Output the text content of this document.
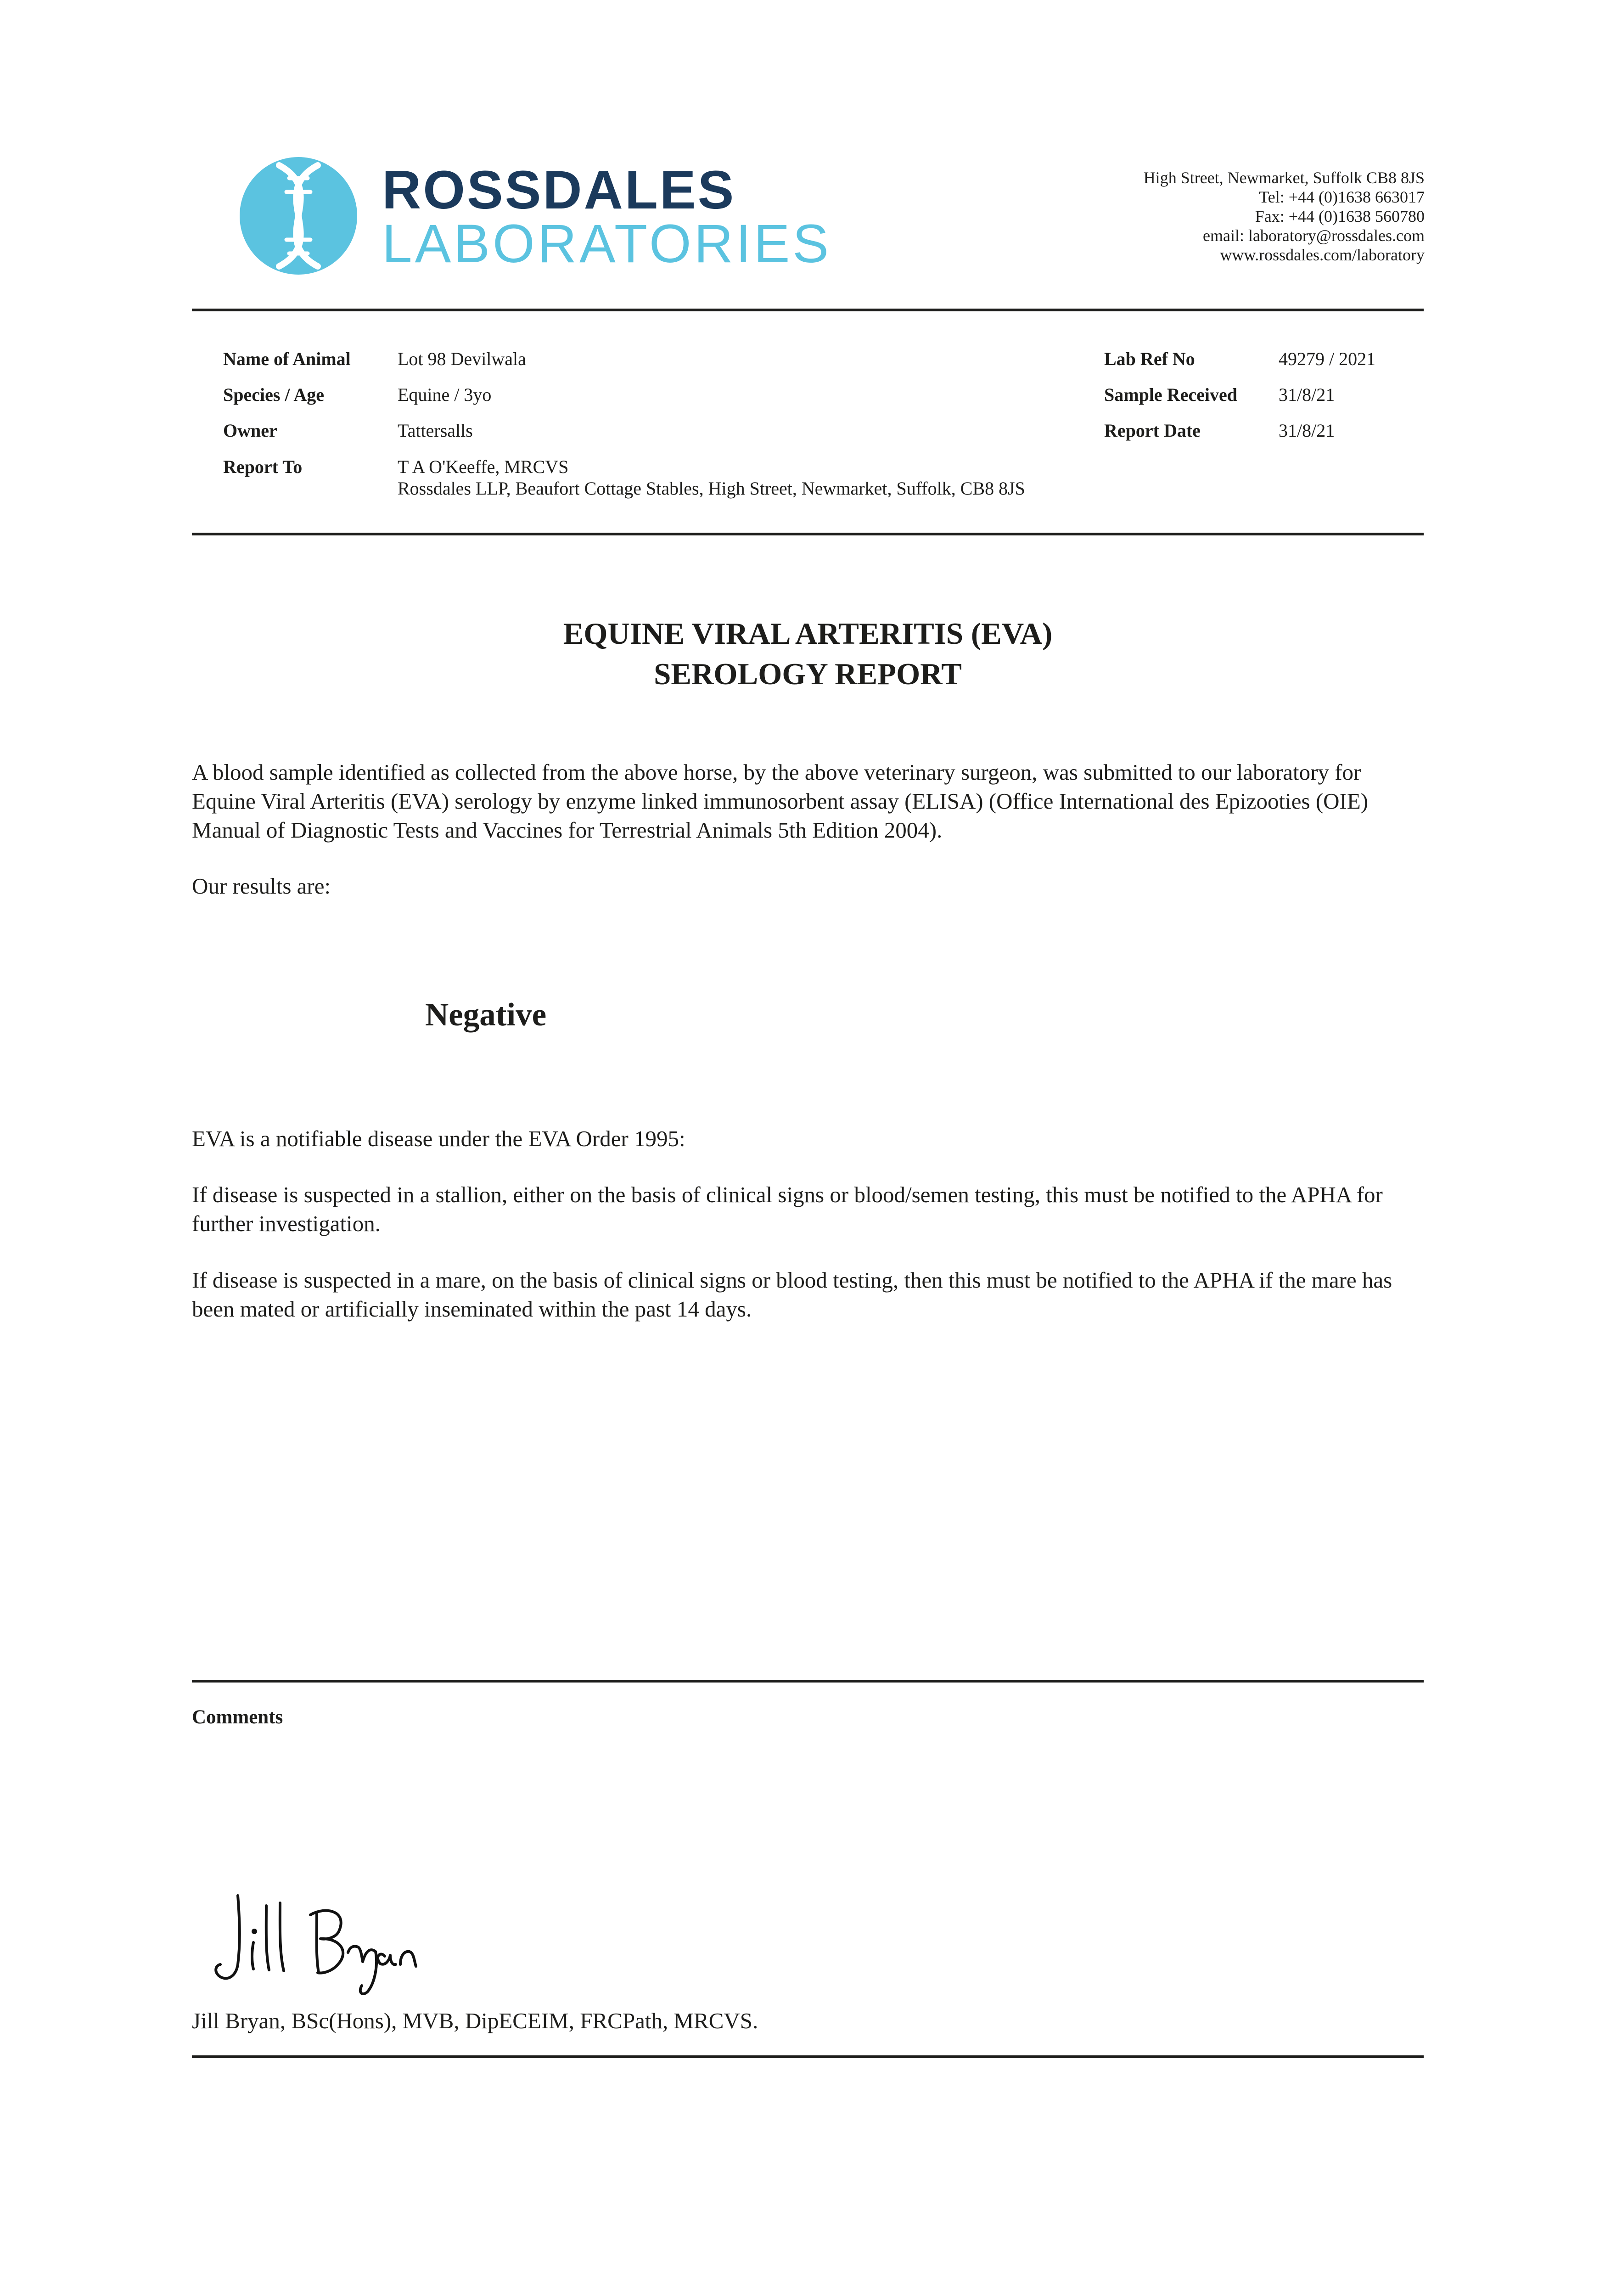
ROSSDALES
LABORATORIES
High Street, Newmarket, Suffolk CB8 8JS
Tel: +44 (0)1638 663017
Fax: +44 (0)1638 560780
email: laboratory@rossdales.com
www.rossdales.com/laboratory
Name of Animal	Lot 98 Devilwala
Species / Age	Equine / 3yo
Owner	Tattersalls
Report To	T A O'Keeffe, MRCVS
Rossdales LLP, Beaufort Cottage Stables, High Street, Newmarket, Suffolk, CB8 8JS
Lab Ref No	49279 / 2021
Sample Received 31/8/21
Report Date	31/8/21
EQUINE VIRAL ARTERITIS (EVA)
SEROLOGY REPORT
A blood sample identified as collected from the above horse, by the above veterinary surgeon, was submitted to our laboratory for Equine Viral Arteritis (EVA) serology by enzyme linked immunosorbent assay (ELISA) (Office International des Epizooties (OIE) Manual of Diagnostic Tests and Vaccines for Terrestrial Animals 5th Edition 2004).
Our results are:
Negative
EVA is a notifiable disease under the EVA Order 1995:
If disease is suspected in a stallion, either on the basis of clinical signs or blood/semen testing, this must be notified to the APHA for further investigation.
If disease is suspected in a mare, on the basis of clinical signs or blood testing, then this must be notified to the APHA if the mare has been mated or artificially inseminated within the past 14 days.
Comments
Jill Bryan, BSc(Hons), MVB, DipECEIM, FRCPath, MRCVS.
